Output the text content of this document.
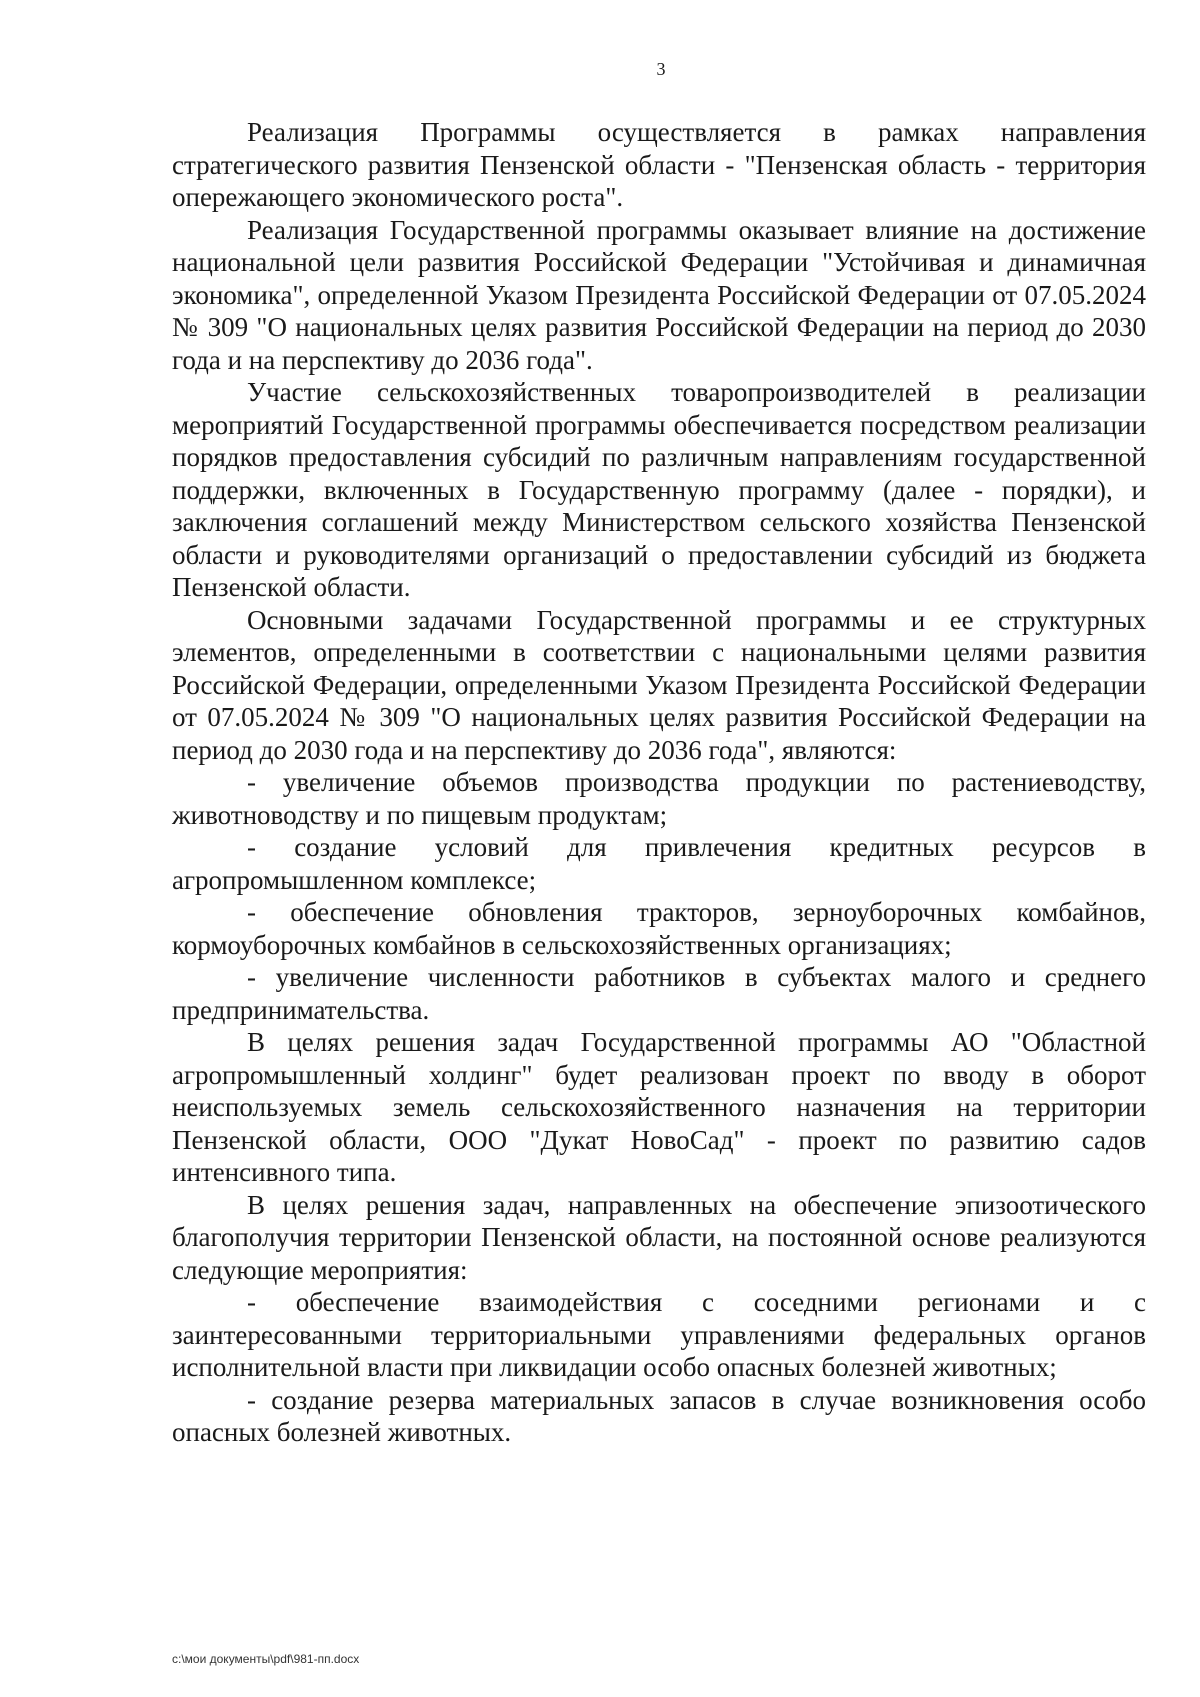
3

Реализация Программы осуществляется в рамках направления стратегического развития Пензенской области - "Пензенская область - территория опережающего экономического роста".

Реализация Государственной программы оказывает влияние на достижение национальной цели развития Российской Федерации "Устойчивая и динамичная экономика", определенной Указом Президента Российской Федерации от 07.05.2024 № 309 "О национальных целях развития Российской Федерации на период до 2030 года и на перспективу до 2036 года".

Участие сельскохозяйственных товаропроизводителей в реализации мероприятий Государственной программы обеспечивается посредством реализации порядков предоставления субсидий по различным направлениям государственной поддержки, включенных в Государственную программу (далее - порядки), и заключения соглашений между Министерством сельского хозяйства Пензенской области и руководителями организаций о предоставлении субсидий из бюджета Пензенской области.

Основными задачами Государственной программы и ее структурных элементов, определенными в соответствии с национальными целями развития Российской Федерации, определенными Указом Президента Российской Федерации от 07.05.2024 № 309 "О национальных целях развития Российской Федерации на период до 2030 года и на перспективу до 2036 года", являются:

- увеличение объемов производства продукции по растениеводству, животноводству и по пищевым продуктам;

- создание условий для привлечения кредитных ресурсов в агропромышленном комплексе;

- обеспечение обновления тракторов, зерноуборочных комбайнов, кормоуборочных комбайнов в сельскохозяйственных организациях;

- увеличение численности работников в субъектах малого и среднего предпринимательства.

В целях решения задач Государственной программы АО "Областной агропромышленный холдинг" будет реализован проект по вводу в оборот неиспользуемых земель сельскохозяйственного назначения на территории Пензенской области, ООО "Дукат НовоСад" - проект по развитию садов интенсивного типа.

В целях решения задач, направленных на обеспечение эпизоотического благополучия территории Пензенской области, на постоянной основе реализуются следующие мероприятия:

- обеспечение взаимодействия с соседними регионами и с заинтересованными территориальными управлениями федеральных органов исполнительной власти при ликвидации особо опасных болезней животных;

- создание резерва материальных запасов в случае возникновения особо опасных болезней животных.

c:\мои документы\pdf\981-пп.docx
